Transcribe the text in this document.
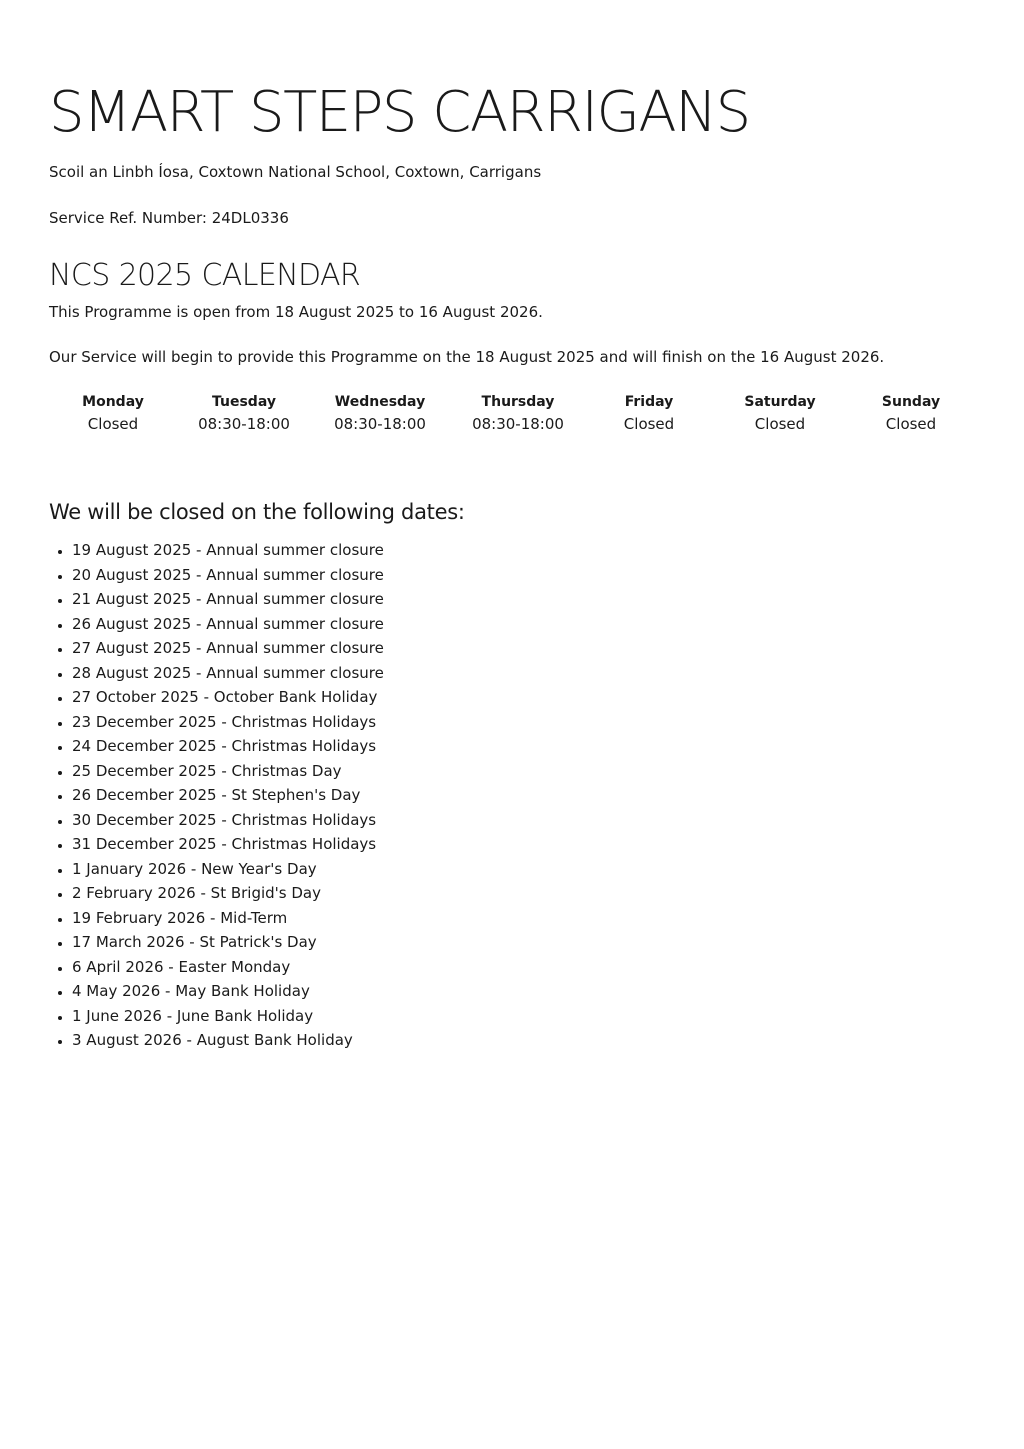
SMART STEPS CARRIGANS

Scoil an Linbh Íosa, Coxtown National School, Coxtown, Carrigans

Service Ref. Number: 24DL0336

NCS 2025 CALENDAR

This Programme is open from 18 August 2025 to 16 August 2026.

Our Service will begin to provide this Programme on the 18 August 2025 and will finish on the 16 August 2026.

Monday
Closed
Tuesday
08:30-18:00
Wednesday
08:30-18:00
Thursday
08:30-18:00
Friday
Closed
Saturday
Closed
Sunday
Closed
We will be closed on the following dates:
• 19 August 2025 - Annual summer closure
• 20 August 2025 - Annual summer closure
• 21 August 2025 - Annual summer closure
• 26 August 2025 - Annual summer closure
• 27 August 2025 - Annual summer closure
• 28 August 2025 - Annual summer closure
• 27 October 2025 - October Bank Holiday
• 23 December 2025 - Christmas Holidays
• 24 December 2025 - Christmas Holidays
• 25 December 2025 - Christmas Day
• 26 December 2025 - St Stephen's Day
• 30 December 2025 - Christmas Holidays
• 31 December 2025 - Christmas Holidays
• 1 January 2026 - New Year's Day
• 2 February 2026 - St Brigid's Day
• 19 February 2026 - Mid-Term
• 17 March 2026 - St Patrick's Day
• 6 April 2026 - Easter Monday
• 4 May 2026 - May Bank Holiday
• 1 June 2026 - June Bank Holiday
• 3 August 2026 - August Bank Holiday
